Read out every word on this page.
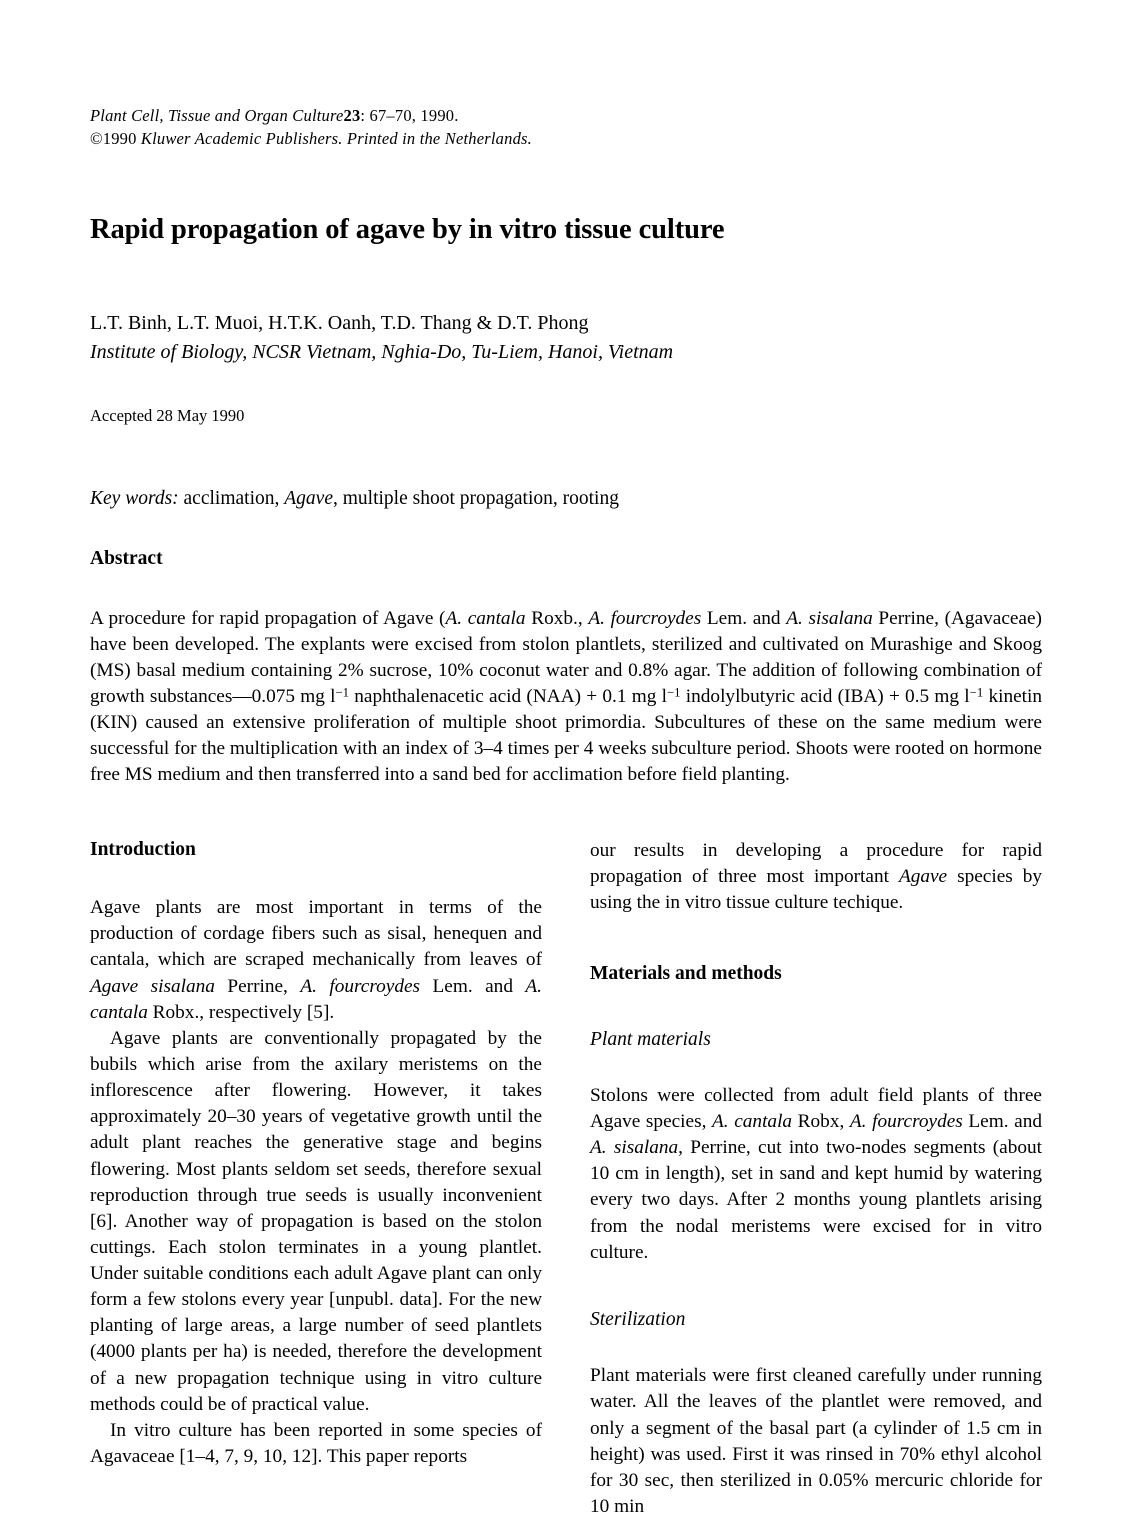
Plant Cell, Tissue and Organ Culture23: 67–70, 1990.
©1990 Kluwer Academic Publishers. Printed in the Netherlands.
Rapid propagation of agave by in vitro tissue culture
L.T. Binh, L.T. Muoi, H.T.K. Oanh, T.D. Thang & D.T. Phong
Institute of Biology, NCSR Vietnam, Nghia-Do, Tu-Liem, Hanoi, Vietnam
Accepted 28 May 1990
Key words: acclimation, Agave, multiple shoot propagation, rooting
Abstract
A procedure for rapid propagation of Agave (A. cantala Roxb., A. fourcroydes Lem. and A. sisalana Perrine, (Agavaceae) have been developed. The explants were excised from stolon plantlets, sterilized and cultivated on Murashige and Skoog (MS) basal medium containing 2% sucrose, 10% coconut water and 0.8% agar. The addition of following combination of growth substances—0.075 mg $l^{-1}$ naphthalenacetic acid (NAA) + 0.1 mg $l^{-1}$ indolylbutyric acid (IBA) + 0.5 mg $l^{-1}$ kinetin (KIN) caused an extensive proliferation of multiple shoot primordia. Subcultures of these on the same medium were successful for the multiplication with an index of 3–4 times per 4 weeks subculture period. Shoots were rooted on hormone free MS medium and then transferred into a sand bed for acclimation before field planting.
Introduction
Agave plants are most important in terms of the production of cordage fibers such as sisal, henequen and cantala, which are scraped mechanically from leaves of Agave sisalana Perrine, A. fourcroydes Lem. and A. cantala Robx., respectively [5].
Agave plants are conventionally propagated by the bubils which arise from the axilary meristems on the inflorescence after flowering. However, it takes approximately 20–30 years of vegetative growth until the adult plant reaches the generative stage and begins flowering. Most plants seldom set seeds, therefore sexual reproduction through true seeds is usually inconvenient [6]. Another way of propagation is based on the stolon cuttings. Each stolon terminates in a young plantlet. Under suitable conditions each adult Agave plant can only form a few stolons every year [unpubl. data]. For the new planting of large areas, a large number of seed plantlets (4000 plants per ha) is needed, therefore the development of a new propagation technique using in vitro culture methods could be of practical value.
In vitro culture has been reported in some species of Agavaceae [1–4, 7, 9, 10, 12]. This paper reports
our results in developing a procedure for rapid propagation of three most important Agave species by using the in vitro tissue culture techique.
Materials and methods
Plant materials
Stolons were collected from adult field plants of three Agave species, A. cantala Robx, A. fourcroydes Lem. and A. sisalana, Perrine, cut into two-nodes segments (about 10 cm in length), set in sand and kept humid by watering every two days. After 2 months young plantlets arising from the nodal meristems were excised for in vitro culture.
Sterilization
Plant materials were first cleaned carefully under running water. All the leaves of the plantlet were removed, and only a segment of the basal part (a cylinder of 1.5 cm in height) was used. First it was rinsed in 70% ethyl alcohol for 30 sec, then sterilized in 0.05% mercuric chloride for 10 min
